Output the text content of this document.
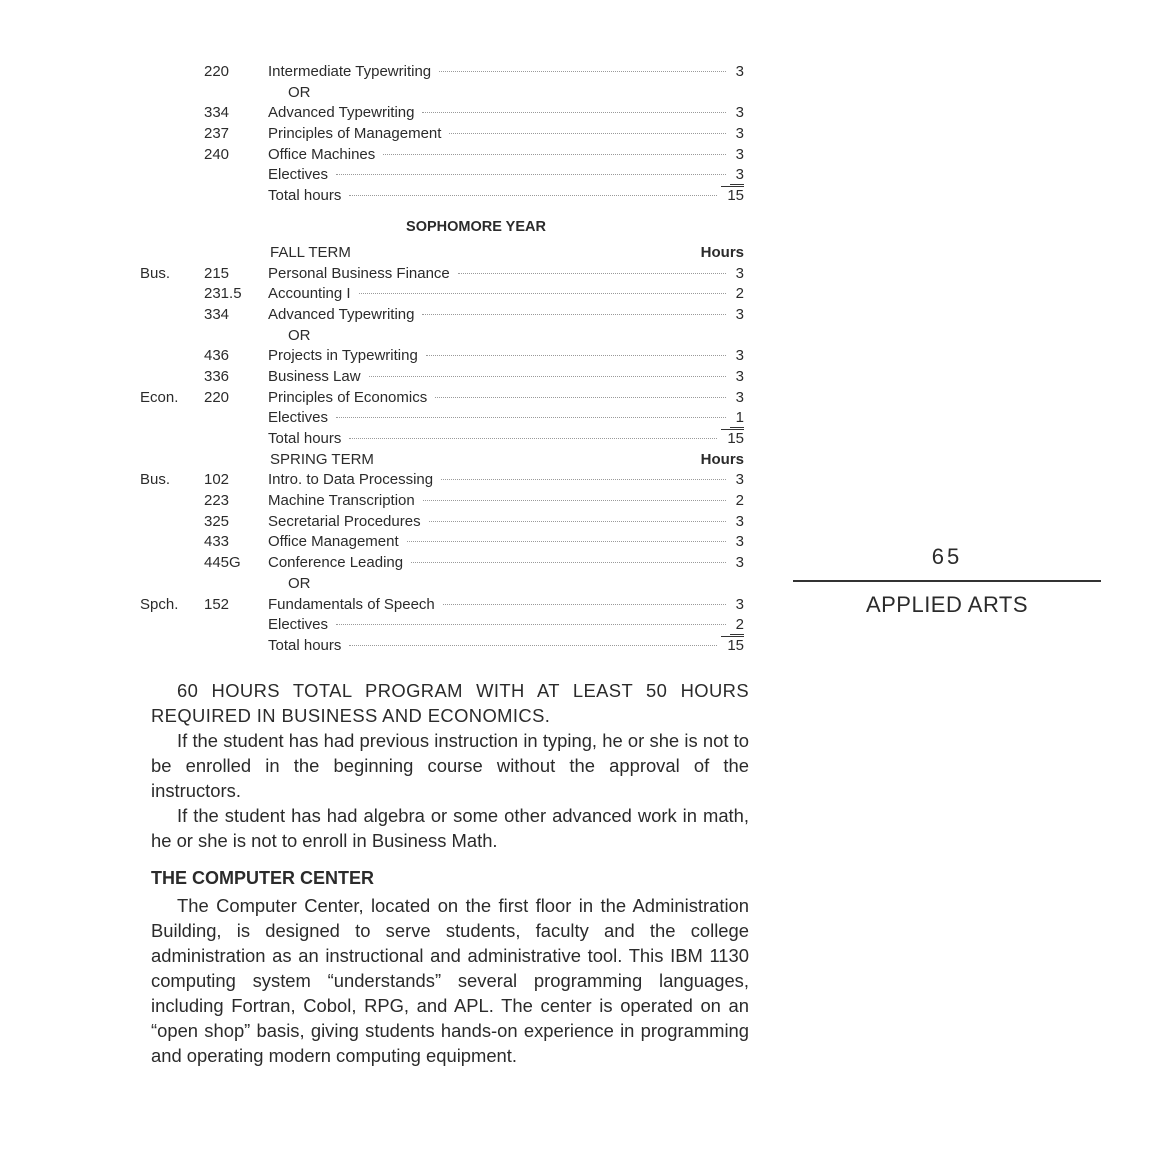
220	Intermediate Typewriting	3
OR
334	Advanced Typewriting	3
237	Principles of Management	3
240	Office Machines	3
Electives	3
Total hours	15
SOPHOMORE YEAR
FALL TERM	Hours
Bus.	215	Personal Business Finance	3
231.5	Accounting I	2
334	Advanced Typewriting	3
OR
436	Projects in Typewriting	3
336	Business Law	3
Econ.	220	Principles of Economics	3
Electives	1
Total hours	15
SPRING TERM	Hours
Bus.	102	Intro. to Data Processing	3
223	Machine Transcription	2
325	Secretarial Procedures	3
433	Office Management	3
445G	Conference Leading	3
OR
Spch.	152	Fundamentals of Speech	3
Electives	2
Total hours	15

60 HOURS TOTAL PROGRAM WITH AT LEAST 50 HOURS REQUIRED IN BUSINESS AND ECONOMICS.

If the student has had previous instruction in typing, he or she is not to be enrolled in the beginning course without the approval of the instructors.

If the student has had algebra or some other advanced work in math, he or she is not to enroll in Business Math.

THE COMPUTER CENTER

The Computer Center, located on the first floor in the Administration Building, is designed to serve students, faculty and the college administration as an instructional and administrative tool. This IBM 1130 computing system “understands” several programming languages, including Fortran, Cobol, RPG, and APL. The center is operated on an “open shop” basis, giving students hands-on experience in programming and operating modern computing equipment.

65
APPLIED ARTS
